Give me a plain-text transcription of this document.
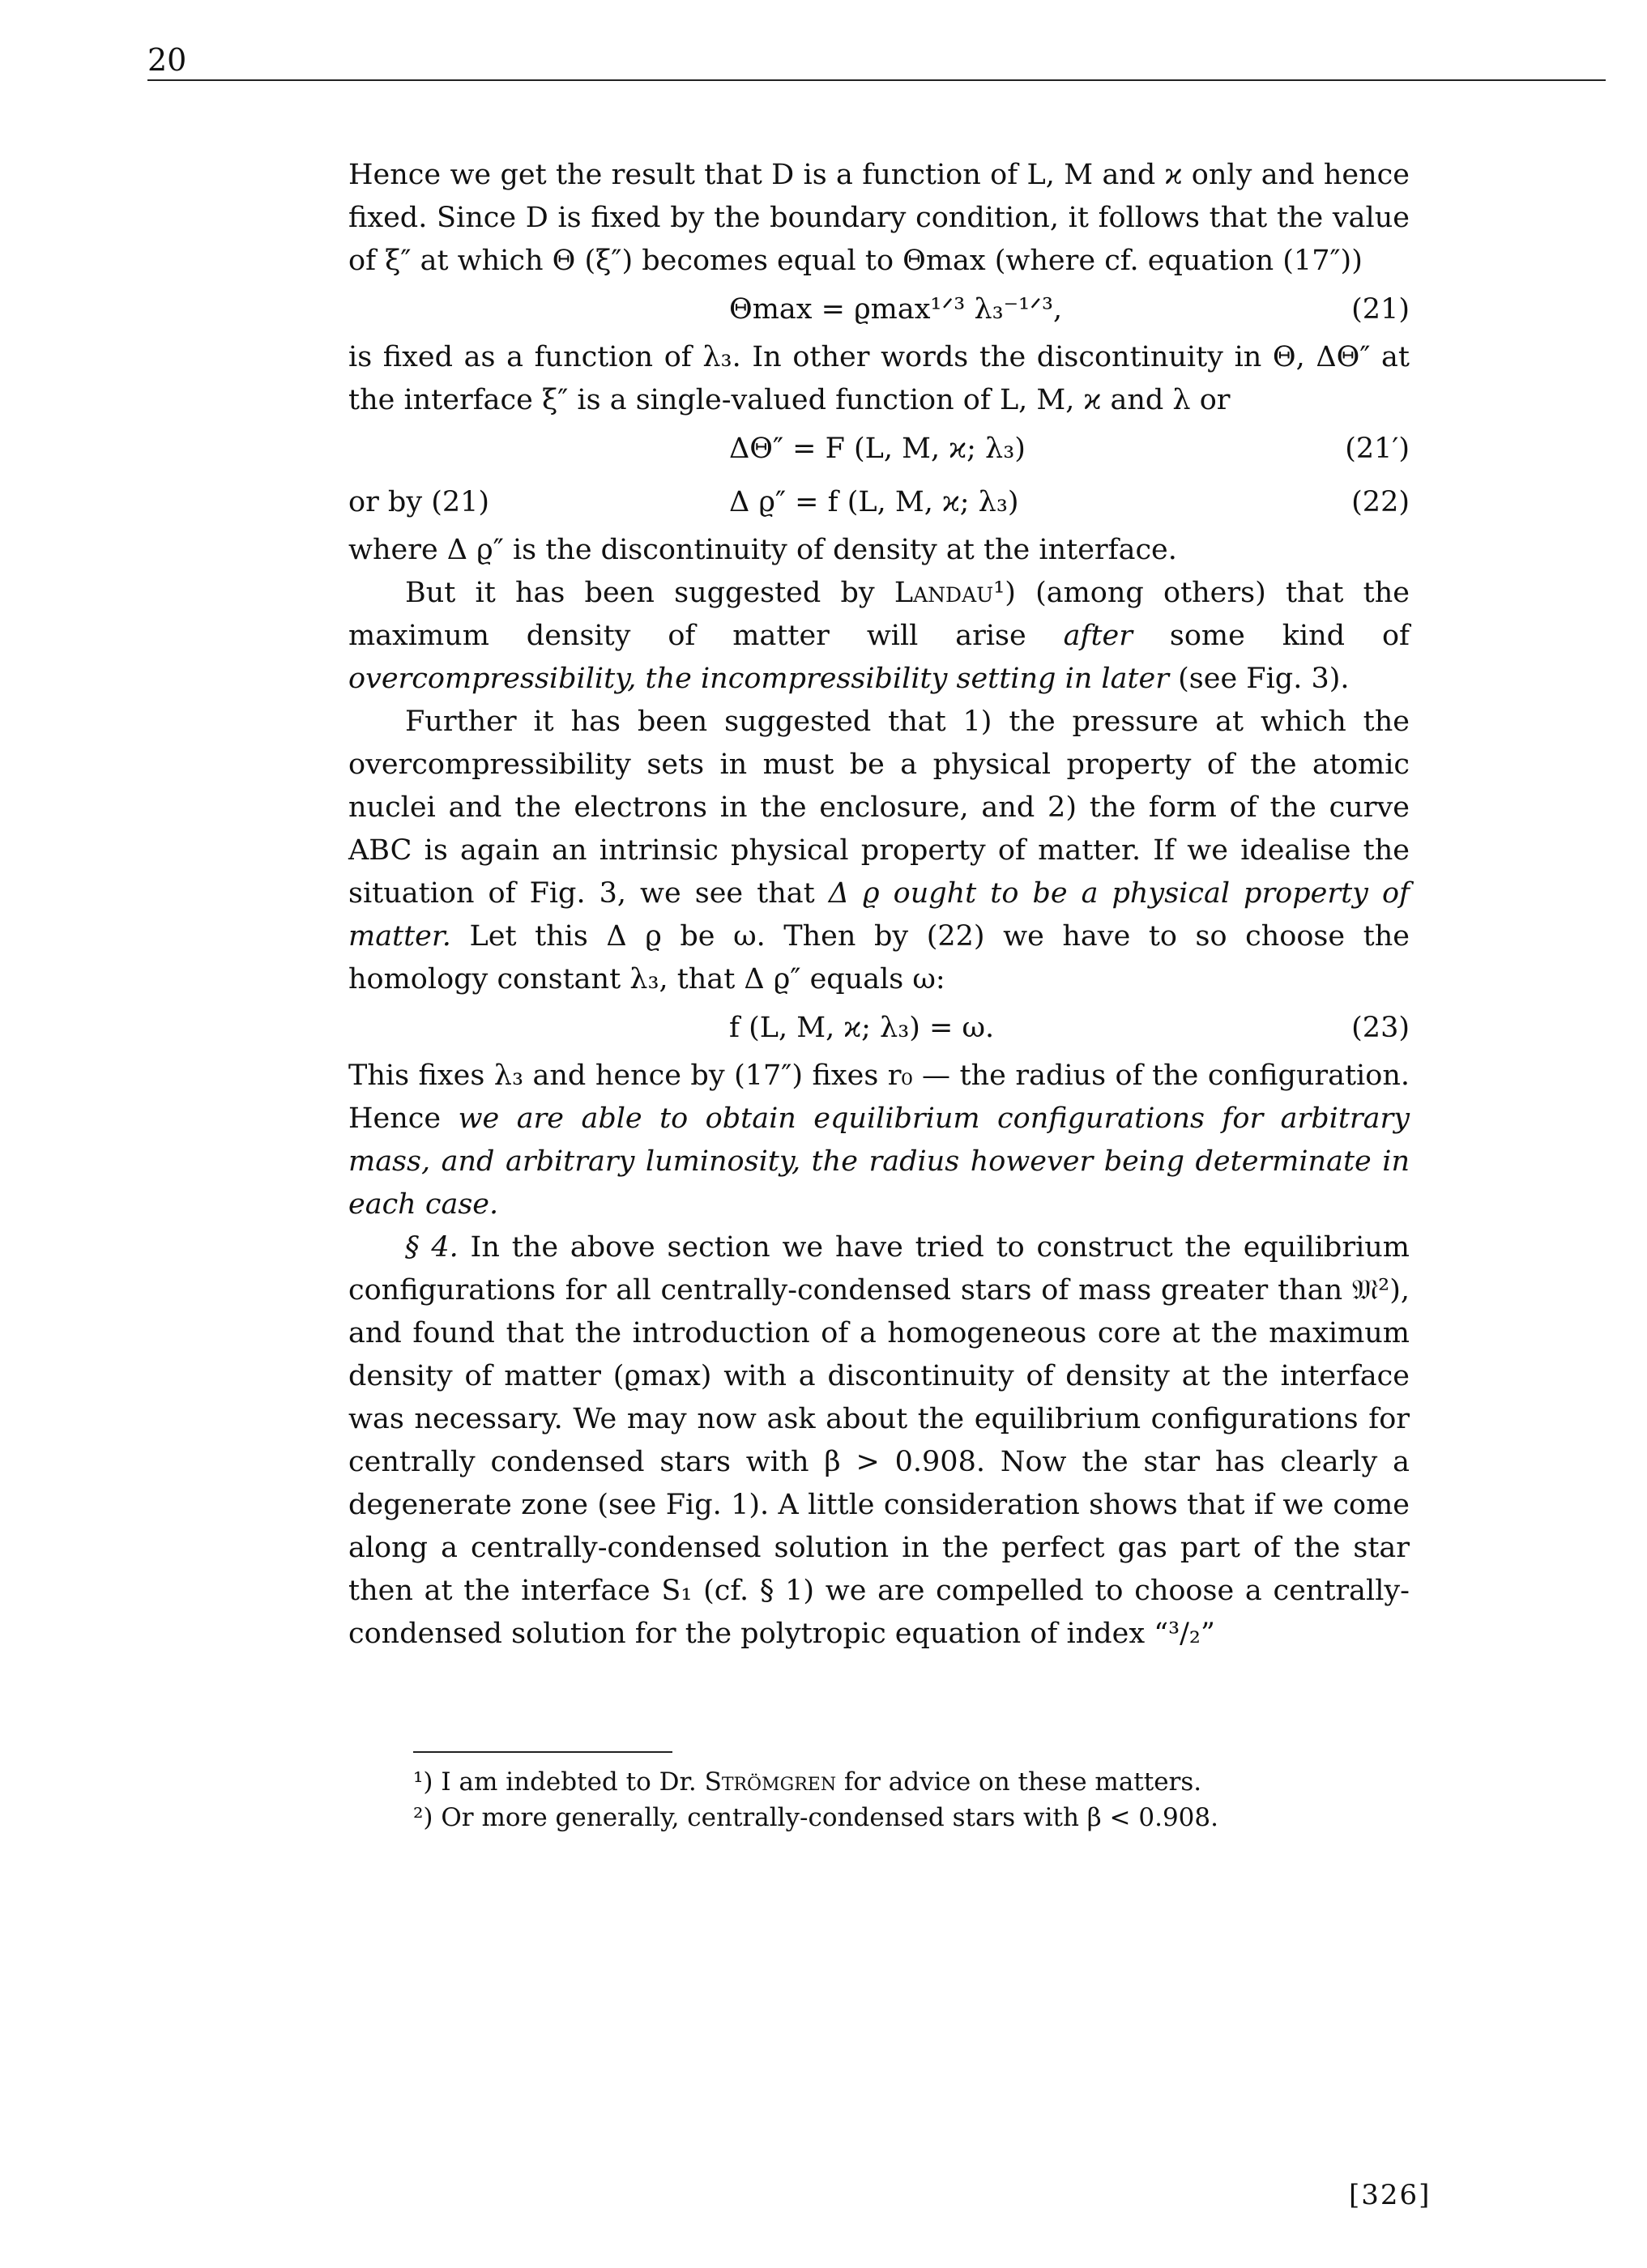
20

Hence we get the result that D is a function of L, M and ϰ only and hence fixed. Since D is fixed by the boundary condition, it follows that the value of ξ″ at which Θ (ξ″) becomes equal to Θmax (where cf. equation (17″))

Θmax = ϱmax¹ᐟ³ λ₃⁻¹ᐟ³,	(21)

is fixed as a function of λ₃. In other words the discontinuity in Θ, ΔΘ″ at the interface ξ″ is a single-valued function of L, M, ϰ and λ or

ΔΘ″ = F (L, M, ϰ; λ₃)	(21′)
or by (21)	Δ ϱ″ = f (L, M, ϰ; λ₃)	(22)

where Δ ϱ″ is the discontinuity of density at the interface.

But it has been suggested by Landau¹) (among others) that the maximum density of matter will arise after some kind of overcompressibility, the incompressibility setting in later (see Fig. 3).

Further it has been suggested that 1) the pressure at which the overcompressibility sets in must be a physical property of the atomic nuclei and the electrons in the enclosure, and 2) the form of the curve ABC is again an intrinsic physical property of matter. If we idealise the situation of Fig. 3, we see that Δ ϱ ought to be a physical property of matter. Let this Δ ϱ be ω. Then by (22) we have to so choose the homology constant λ₃, that Δ ϱ″ equals ω:

f (L, M, ϰ; λ₃) = ω.	(23)

This fixes λ₃ and hence by (17″) fixes r₀ — the radius of the configuration. Hence we are able to obtain equilibrium configurations for arbitrary mass, and arbitrary luminosity, the radius however being determinate in each case.

§ 4. In the above section we have tried to construct the equilibrium configurations for all centrally-condensed stars of mass greater than 𝔐²), and found that the introduction of a homogeneous core at the maximum density of matter (ϱmax) with a discontinuity of density at the interface was necessary. We may now ask about the equilibrium configurations for centrally condensed stars with β > 0.908. Now the star has clearly a degenerate zone (see Fig. 1). A little consideration shows that if we come along a centrally-condensed solution in the perfect gas part of the star then at the interface S₁ (cf. § 1) we are compelled to choose a centrally-condensed solution for the polytropic equation of index “³/₂”

¹) I am indebted to Dr. Strömgren for advice on these matters.
²) Or more generally, centrally-condensed stars with β < 0.908.
[326]
